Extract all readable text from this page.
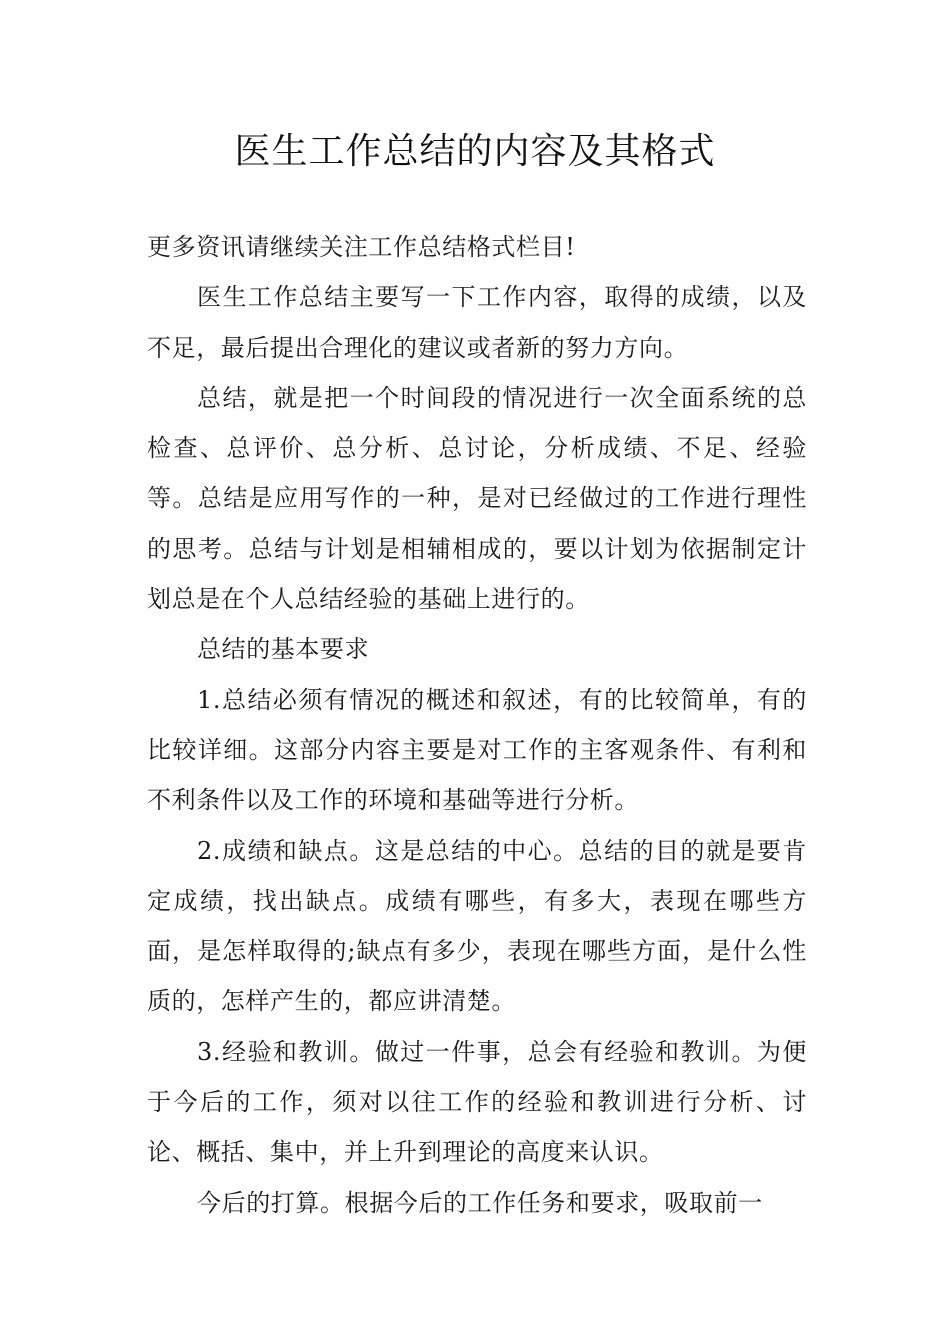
医生工作总结的内容及其格式

更多资讯请继续关注工作总结格式栏目!

医生工作总结主要写一下工作内容，取得的成绩，以及不足，最后提出合理化的建议或者新的努力方向。

总结，就是把一个时间段的情况进行一次全面系统的总检查、总评价、总分析、总讨论，分析成绩、不足、经验等。总结是应用写作的一种，是对已经做过的工作进行理性的思考。总结与计划是相辅相成的，要以计划为依据制定计划总是在个人总结经验的基础上进行的。

总结的基本要求

1.总结必须有情况的概述和叙述，有的比较简单，有的比较详细。这部分内容主要是对工作的主客观条件、有利和不利条件以及工作的环境和基础等进行分析。

2.成绩和缺点。这是总结的中心。总结的目的就是要肯定成绩，找出缺点。成绩有哪些，有多大，表现在哪些方面，是怎样取得的;缺点有多少，表现在哪些方面，是什么性质的，怎样产生的，都应讲清楚。

3.经验和教训。做过一件事，总会有经验和教训。为便于今后的工作，须对以往工作的经验和教训进行分析、讨论、概括、集中，并上升到理论的高度来认识。

今后的打算。根据今后的工作任务和要求，吸取前一
